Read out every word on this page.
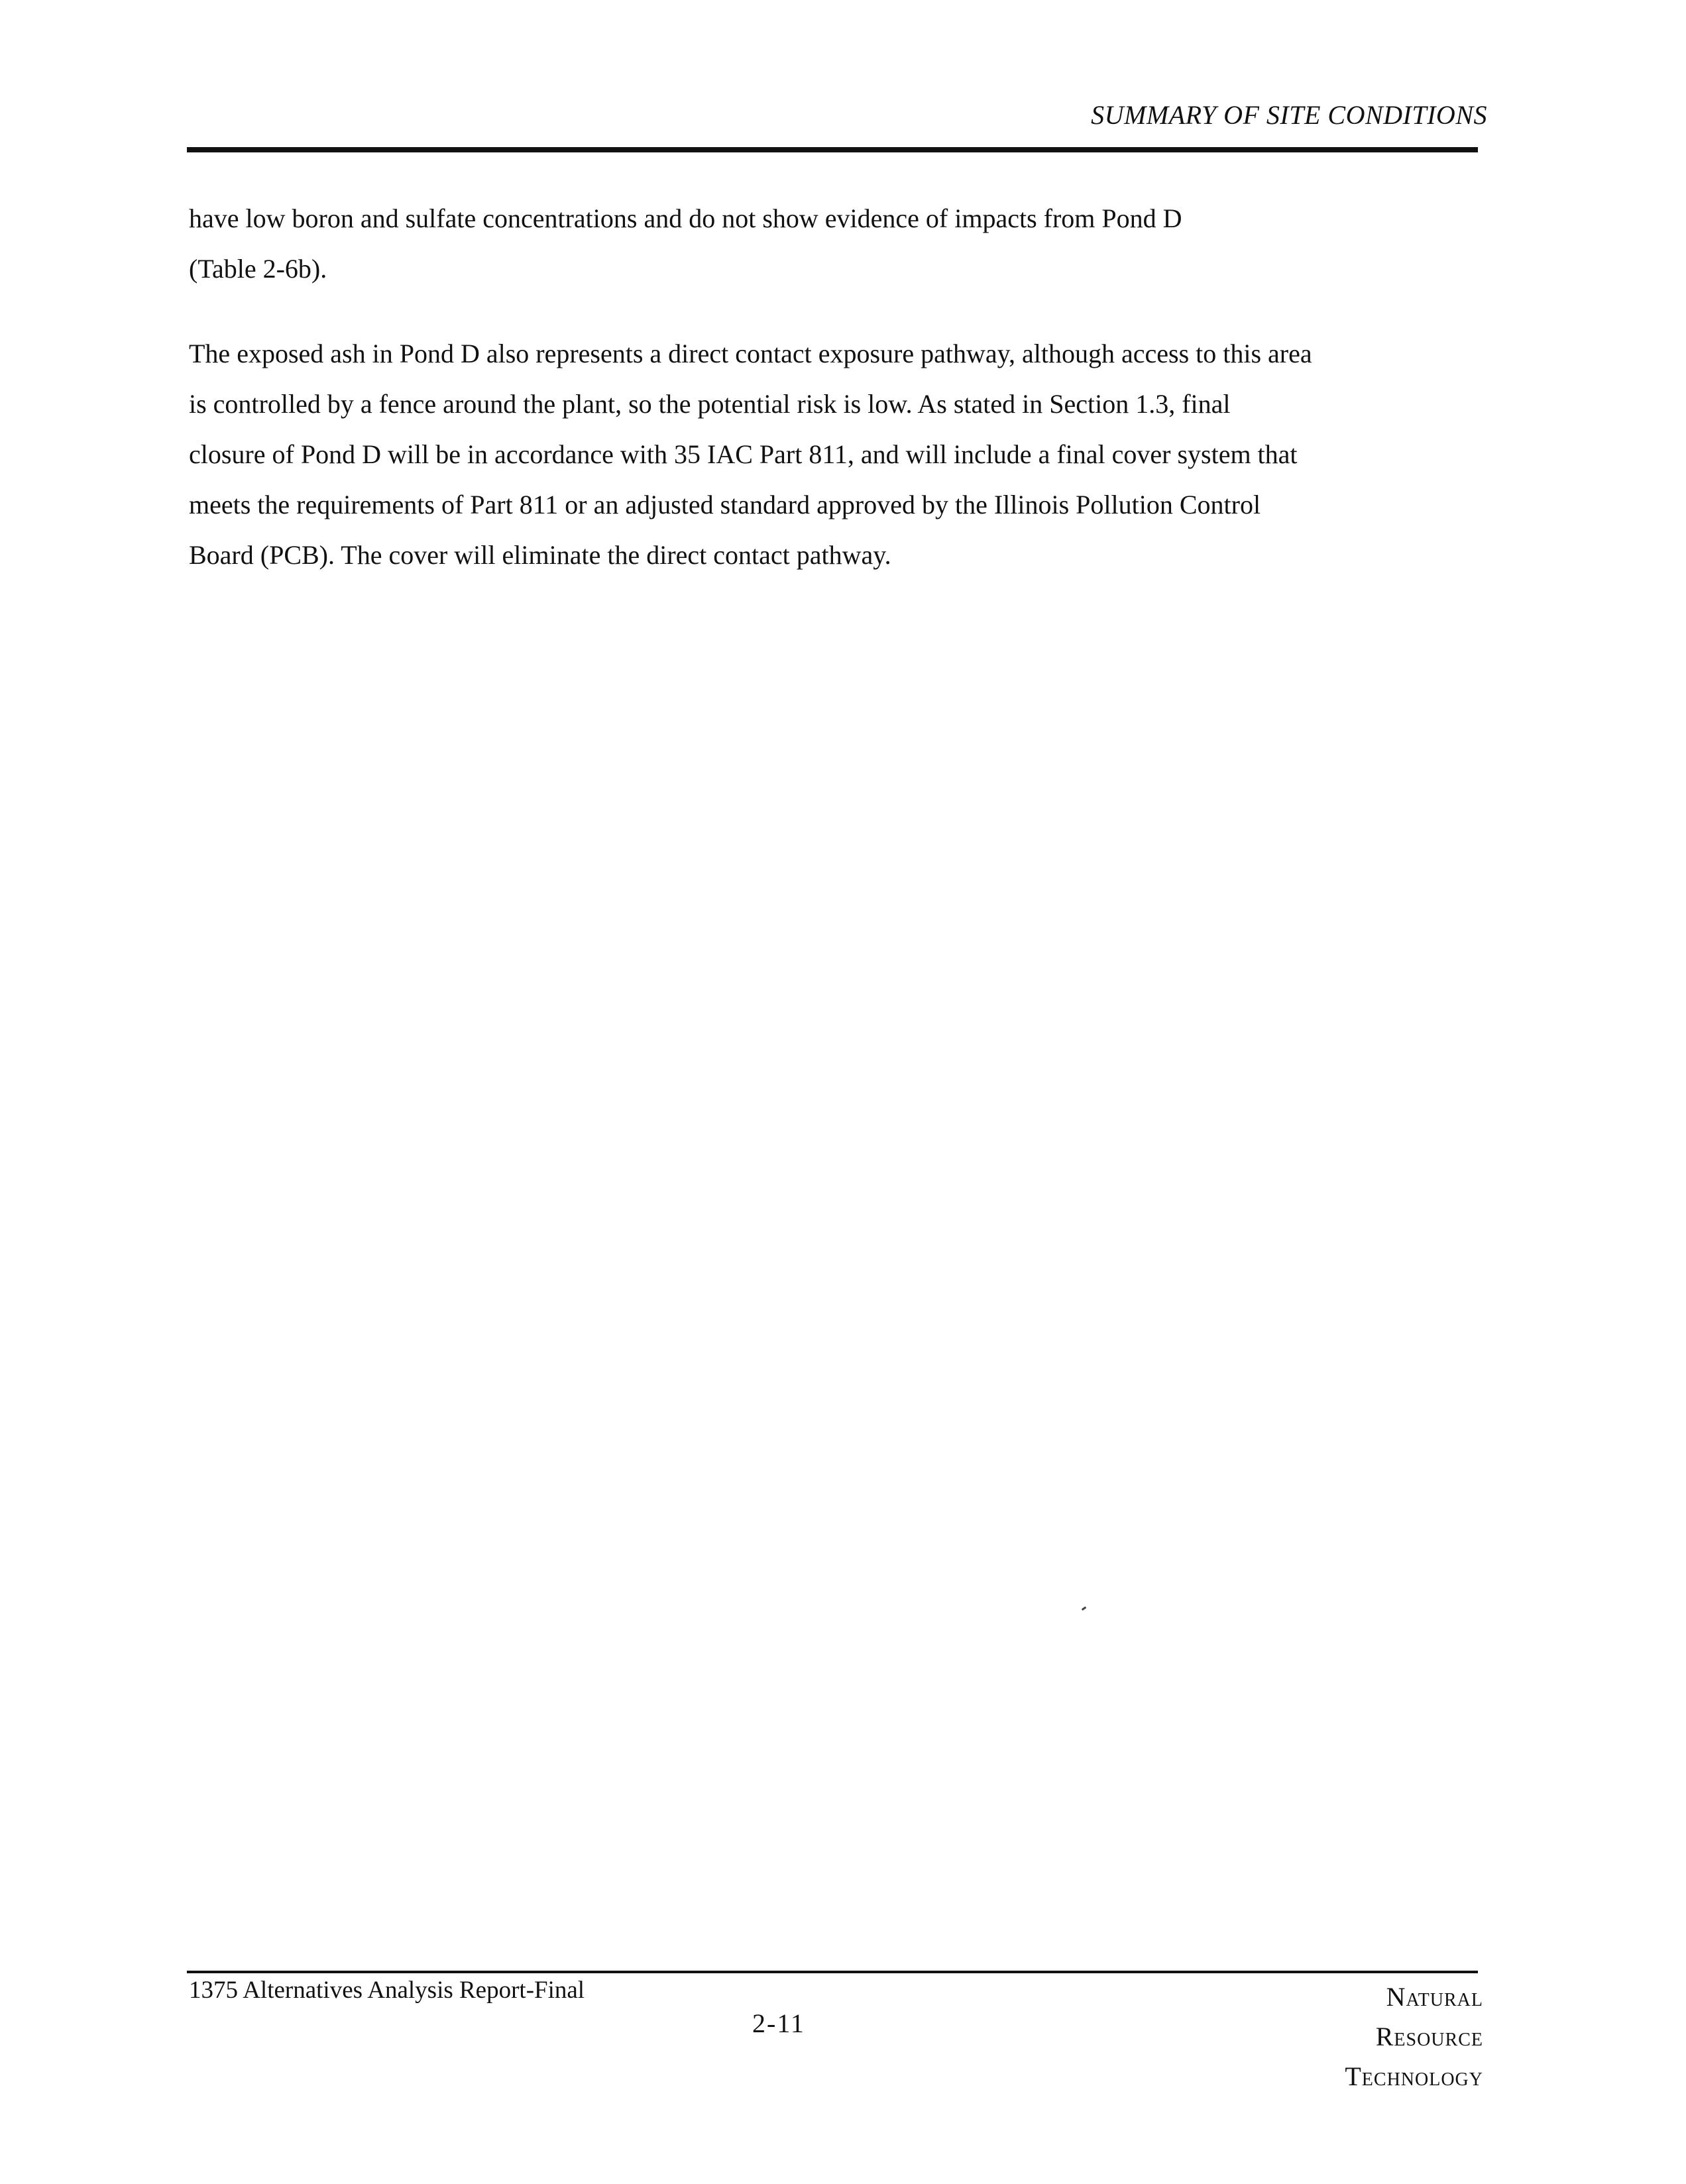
SUMMARY OF SITE CONDITIONS

have low boron and sulfate concentrations and do not show evidence of impacts from Pond D
(Table 2-6b).

The exposed ash in Pond D also represents a direct contact exposure pathway, although access to this area
is controlled by a fence around the plant, so the potential risk is low. As stated in Section 1.3, final
closure of Pond D will be in accordance with 35 IAC Part 811, and will include a final cover system that
meets the requirements of Part 811 or an adjusted standard approved by the Illinois Pollution Control
Board (PCB). The cover will eliminate the direct contact pathway.

1375 Alternatives Analysis Report-Final
2-11
Natural
Resource
Technology
